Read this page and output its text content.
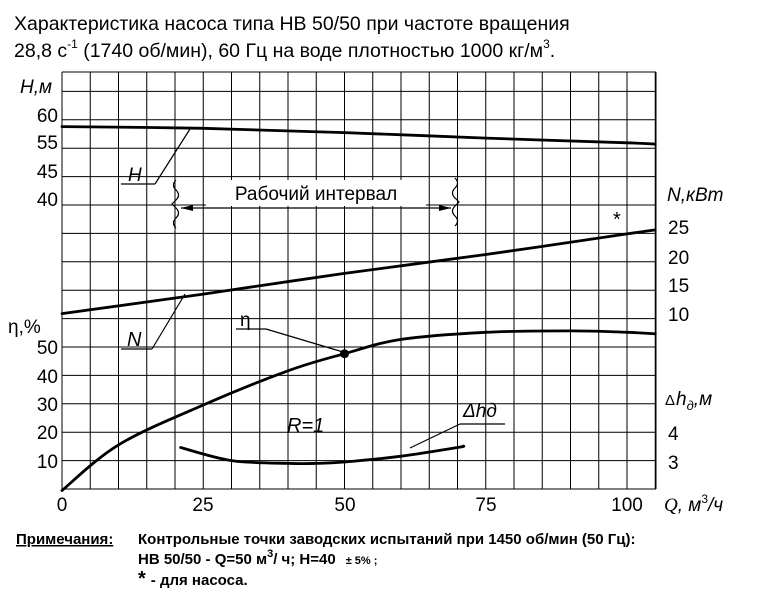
Характеристика насоса типа НВ 50/50 при частоте вращения
28,8 $с^{-1}$ (1740 об/мин), 60 Гц на воде плотностью 1000 $кг/м^3$.
H,м
η,%
60
55
45
40
50
40
30
20
10
N,кВт
25
20
15
10
$\Delta h_д,м$
4
3
0	25	50	75	100 Q, $м^3/ч$
Рабочий интервал
H
N
η
Δhд
R=1
*
Примечания: Контрольные точки заводских испытаний при 1450 об/мин (50 Гц):
НВ 50/50 - Q=50 $м^3/$ ч; Н=40 ± 5% ;
* - для насоса.
